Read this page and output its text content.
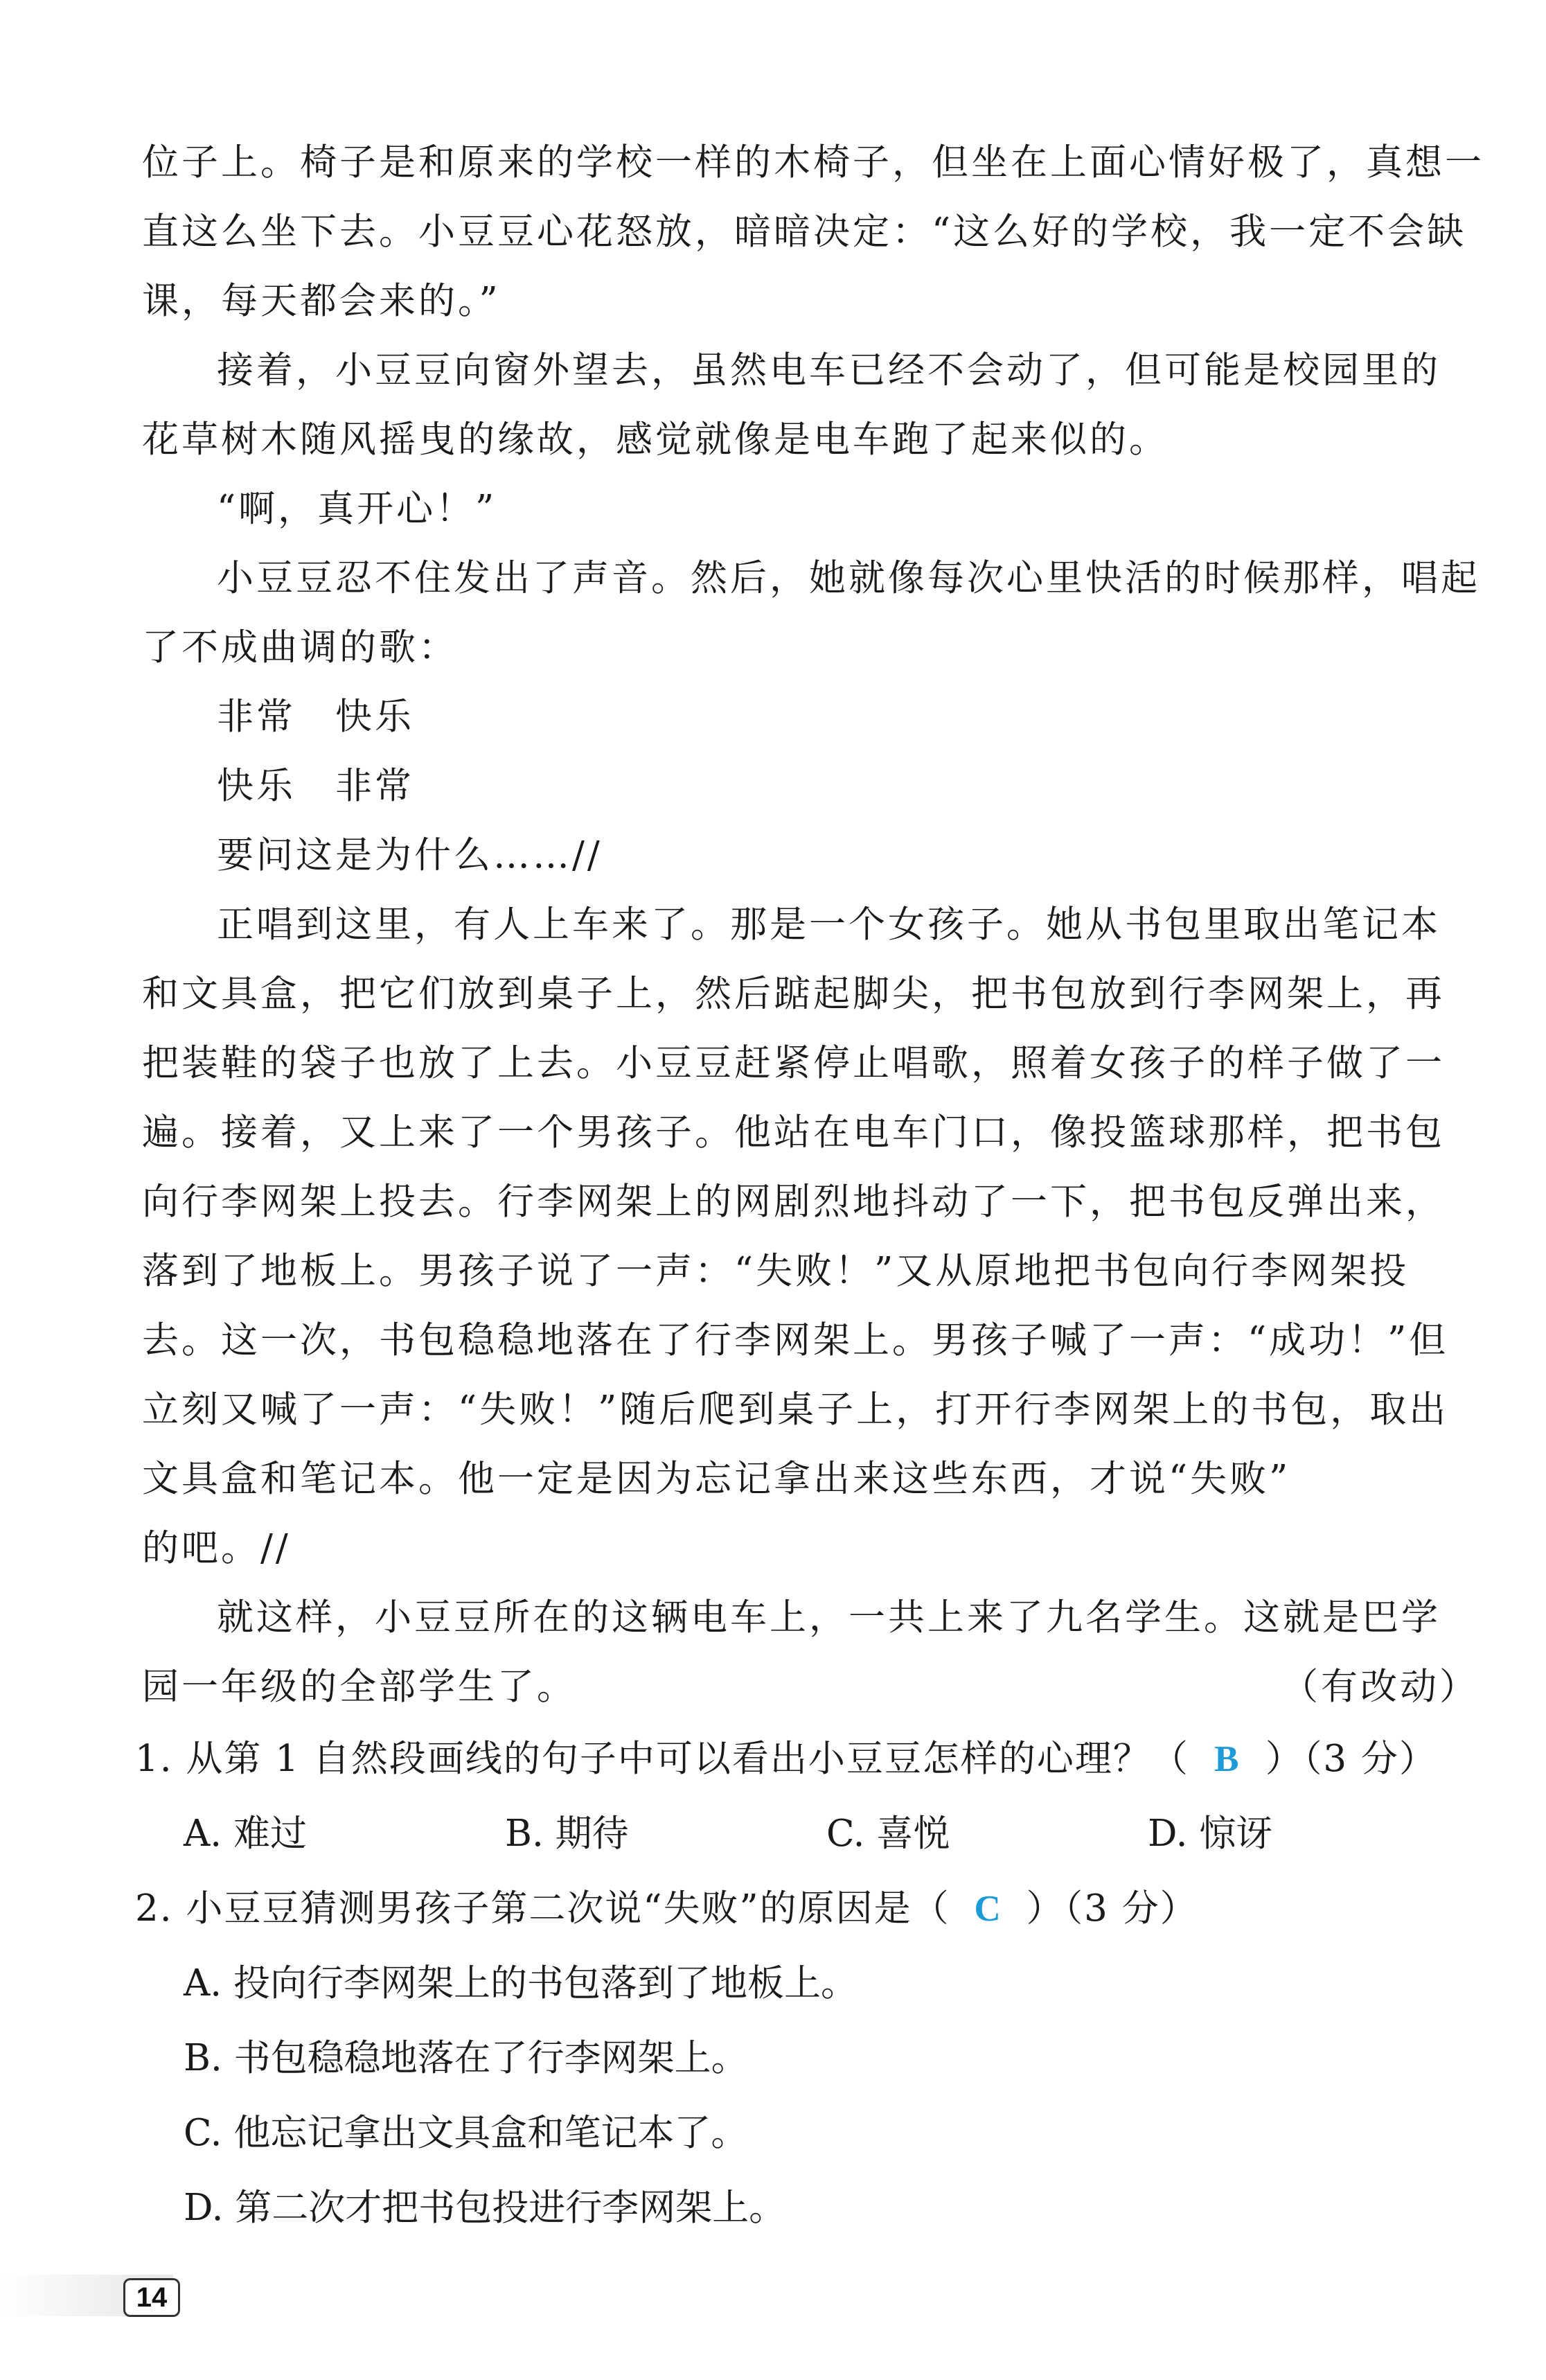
位子上。椅子是和原来的学校一样的木椅子，但坐在上面心情好极了，真想一
直这么坐下去。小豆豆心花怒放，暗暗决定：“这么好的学校，我一定不会缺
课，每天都会来的。”
接着，小豆豆向窗外望去，虽然电车已经不会动了，但可能是校园里的
花草树木随风摇曳的缘故，感觉就像是电车跑了起来似的。
“啊，真开心！”
小豆豆忍不住发出了声音。然后，她就像每次心里快活的时候那样，唱起
了不成曲调的歌：
非常　快乐
快乐　非常
要问这是为什么……//
正唱到这里，有人上车来了。那是一个女孩子。她从书包里取出笔记本
和文具盒，把它们放到桌子上，然后踮起脚尖，把书包放到行李网架上，再
把装鞋的袋子也放了上去。小豆豆赶紧停止唱歌，照着女孩子的样子做了一
遍。接着，又上来了一个男孩子。他站在电车门口，像投篮球那样，把书包
向行李网架上投去。行李网架上的网剧烈地抖动了一下，把书包反弹出来，
落到了地板上。男孩子说了一声：“失败！”又从原地把书包向行李网架投
去。这一次，书包稳稳地落在了行李网架上。男孩子喊了一声：“成功！”但
立刻又喊了一声：“失败！”随后爬到桌子上，打开行李网架上的书包，取出
文具盒和笔记本。他一定是因为忘记拿出来这些东西，才说“失败”
的吧。//
就这样，小豆豆所在的这辆电车上，一共上来了九名学生。这就是巴学
园一年级的全部学生了。	（有改动）
1. 从第 1 自然段画线的句子中可以看出小豆豆怎样的心理？（ B ）（3 分）
A. 难过	B. 期待	C. 喜悦	D. 惊讶
2. 小豆豆猜测男孩子第二次说“失败”的原因是（ C ）（3 分）
A. 投向行李网架上的书包落到了地板上。
B. 书包稳稳地落在了行李网架上。
C. 他忘记拿出文具盒和笔记本了。
D. 第二次才把书包投进行李网架上。
14
